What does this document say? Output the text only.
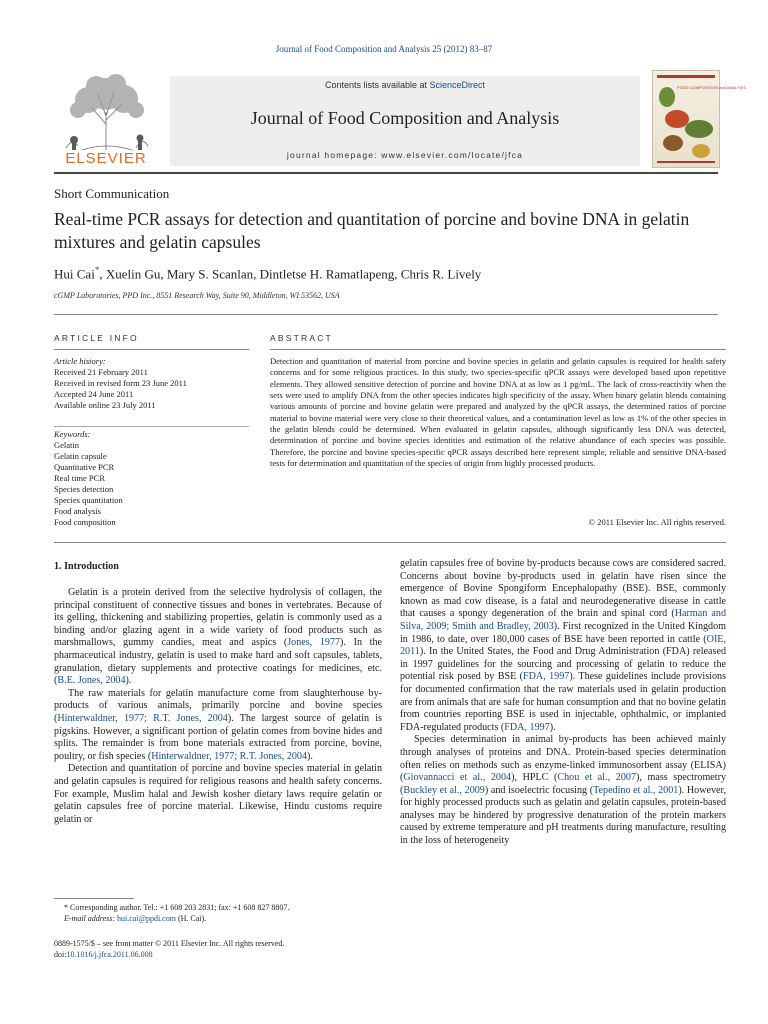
Journal of Food Composition and Analysis 25 (2012) 83–87
ELSEVIER
Contents lists available at ScienceDirect
Journal of Food Composition and Analysis
journal homepage: www.elsevier.com/locate/jfca
FOOD COMPOSITION and ANALYSIS
Short Communication
Real-time PCR assays for detection and quantitation of porcine and bovine DNA in gelatin mixtures and gelatin capsules
Hui Cai*, Xuelin Gu, Mary S. Scanlan, Dintletse H. Ramatlapeng, Chris R. Lively
cGMP Laboratories, PPD Inc., 8551 Research Way, Suite 90, Middleton, WI 53562, USA
ARTICLE INFO
Article history:
Received 21 February 2011
Received in revised form 23 June 2011
Accepted 24 June 2011
Available online 23 July 2011
Keywords:
Gelatin
Gelatin capsule
Quantitative PCR
Real time PCR
Species detection
Species quantitation
Food analysis
Food composition
ABSTRACT
Detection and quantitation of material from porcine and bovine species in gelatin and gelatin capsules is required for health safety concerns and for some religious practices. In this study, two species-specific qPCR assays were developed based upon repetitive elements. They allowed sensitive detection of porcine and bovine DNA at as low as 1 pg/mL. The lack of cross-reactivity when the sets were used to amplify DNA from the other species indicates high specificity of the assay. When binary gelatin blends containing various amounts of porcine and bovine gelatin were prepared and analyzed by the qPCR assays, the determined ratios of porcine material to bovine material were very close to their theoretical values, and a contamination level as low as 1% of the other species in the gelatin blends could be determined. When evaluated in gelatin capsules, although significantly less DNA was detected, determination of porcine and bovine species identities and estimation of the relative abundance of each species was possible. Therefore, the porcine and bovine species-specific qPCR assays described here represent simple, reliable and sensitive DNA-based tests for determination and quantitation of the species of origin from highly processed products.
© 2011 Elsevier Inc. All rights reserved.
1. Introduction

Gelatin is a protein derived from the selective hydrolysis of collagen, the principal constituent of connective tissues and bones in vertebrates. Because of its gelling, thickening and stabilizing properties, gelatin is commonly used as a binding and/or glazing agent in a wide variety of food products such as marshmallows, gummy candies, meat and aspics (Jones, 1977). In the pharmaceutical industry, gelatin is used to make hard and soft capsules, tablets, granulation, dietary supplements and protective coatings for medicines, etc. (B.E. Jones, 2004).

The raw materials for gelatin manufacture come from slaughterhouse by-products of various animals, primarily porcine and bovine species (Hinterwaldner, 1977; R.T. Jones, 2004). The largest source of gelatin is pigskins. However, a significant portion of gelatin comes from bovine hides and splits. The remainder is from bone materials extracted from porcine, bovine, poultry, or fish species (Hinterwaldner, 1977; R.T. Jones, 2004).

Detection and quantitation of porcine and bovine species material in gelatin and gelatin capsules is required for religious reasons and health safety concerns. For example, Muslim halal and Jewish kosher dietary laws require gelatin or gelatin capsules free of porcine material. Likewise, Hindu customs require gelatin or

gelatin capsules free of bovine by-products because cows are considered sacred. Concerns about bovine by-products used in gelatin have risen since the emergence of Bovine Spongiform Encephalopathy (BSE). BSE, commonly known as mad cow disease, is a fatal and neurodegenerative disease in cattle that causes a spongy degeneration of the brain and spinal cord (Harman and Silva, 2009; Smith and Bradley, 2003). First recognized in the United Kingdom in 1986, to date, over 180,000 cases of BSE have been reported in cattle (OIE, 2011). In the United States, the Food and Drug Administration (FDA) released in 1997 guidelines for the sourcing and processing of gelatin to reduce the potential risk posed by BSE (FDA, 1997). These guidelines include provisions for documented confirmation that the raw materials used in gelatin production are from animals that are safe for human consumption and that no bovine gelatin from countries reporting BSE is used in injectable, ophthalmic, or implanted FDA-regulated products (FDA, 1997).

Species determination in animal by-products has been achieved mainly through analyses of proteins and DNA. Protein-based species determination often relies on methods such as enzyme-linked immunosorbent assay (ELISA) (Giovannacci et al., 2004), HPLC (Chou et al., 2007), mass spectrometry (Buckley et al., 2009) and isoelectric focusing (Tepedino et al., 2001). However, for highly processed products such as gelatin and gelatin capsules, protein-based analyses may be hindered by progressive denaturation of the protein markers caused by extreme temperature and pH treatments during manufacture, resulting in the loss of heterogeneity

* Corresponding author. Tel.: +1 608 203 2831; fax: +1 608 827 8807.
E-mail address: hui.cai@ppdi.com (H. Cai).
0889-1575/$ – see front matter © 2011 Elsevier Inc. All rights reserved.
doi:10.1016/j.jfca.2011.06.008
